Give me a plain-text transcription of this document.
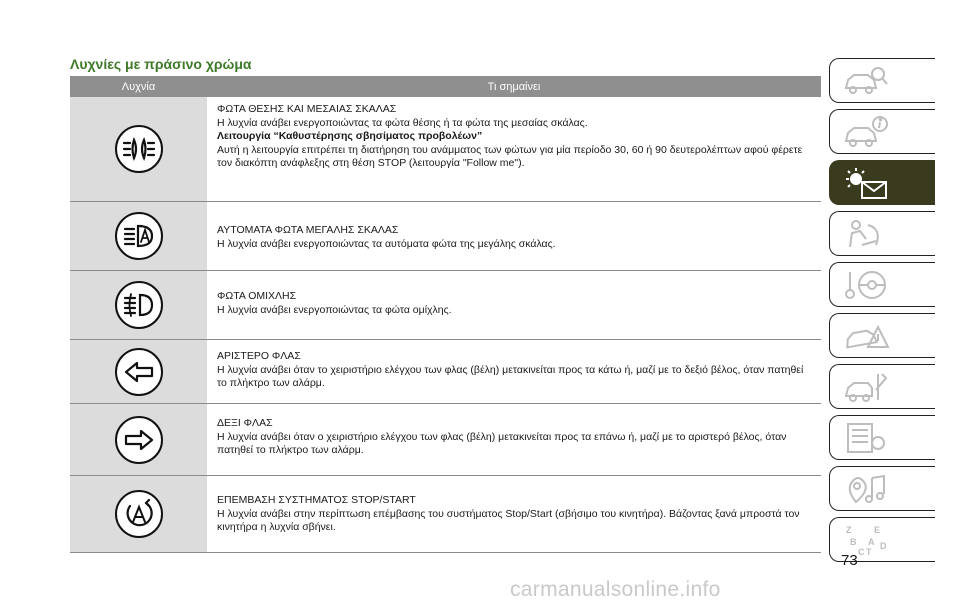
Λυχνίες με πράσινο χρώμα
Λυχνία	Τι σημαίνει
ΦΩΤΑ ΘΕΣΗΣ ΚΑΙ ΜΕΣΑΙΑΣ ΣΚΑΛΑΣ
Η λυχνία ανάβει ενεργοποιώντας τα φώτα θέσης ή τα φώτα της μεσαίας σκάλας.
Λειτουργία “Καθυστέρησης σβησίματος προβολέων”
Αυτή η λειτουργία επιτρέπει τη διατήρηση του ανάμματος των φώτων για μία περίοδο 30, 60 ή 90 δευτερολέπτων αφού φέρετε τον διακόπτη ανάφλεξης στη θέση STOP (λειτουργία "Follow me").
ΑΥΤΟΜΑΤΑ ΦΩΤΑ ΜΕΓΑΛΗΣ ΣΚΑΛΑΣ
Η λυχνία ανάβει ενεργοποιώντας τα αυτόματα φώτα της μεγάλης σκάλας.
ΦΩΤΑ ΟΜΙΧΛΗΣ
Η λυχνία ανάβει ενεργοποιώντας τα φώτα ομίχλης.
ΑΡΙΣΤΕΡΟ ΦΛΑΣ
Η λυχνία ανάβει όταν το χειριστήριο ελέγχου των φλας (βέλη) μετακινείται προς τα κάτω ή, μαζί με το δεξιό βέλος, όταν πατηθεί το πλήκτρο των αλάρμ.
ΔΕΞΙ ΦΛΑΣ
Η λυχνία ανάβει όταν ο χειριστήριο ελέγχου των φλας (βέλη) μετακινείται προς τα επάνω ή, μαζί με το αριστερό βέλος, όταν πατηθεί το πλήκτρο των αλάρμ.
ΕΠΕΜΒΑΣΗ ΣΥΣΤΗΜΑΤΟΣ STOP/START
Η λυχνία ανάβει στην περίπτωση επέμβασης του συστήματος Stop/Start (σβήσιμο του κινητήρα). Βάζοντας ξανά μπροστά τον κινητήρα η λυχνία σβήνει.	Z
B
C T
E
A D
73
carmanualsonline.info
